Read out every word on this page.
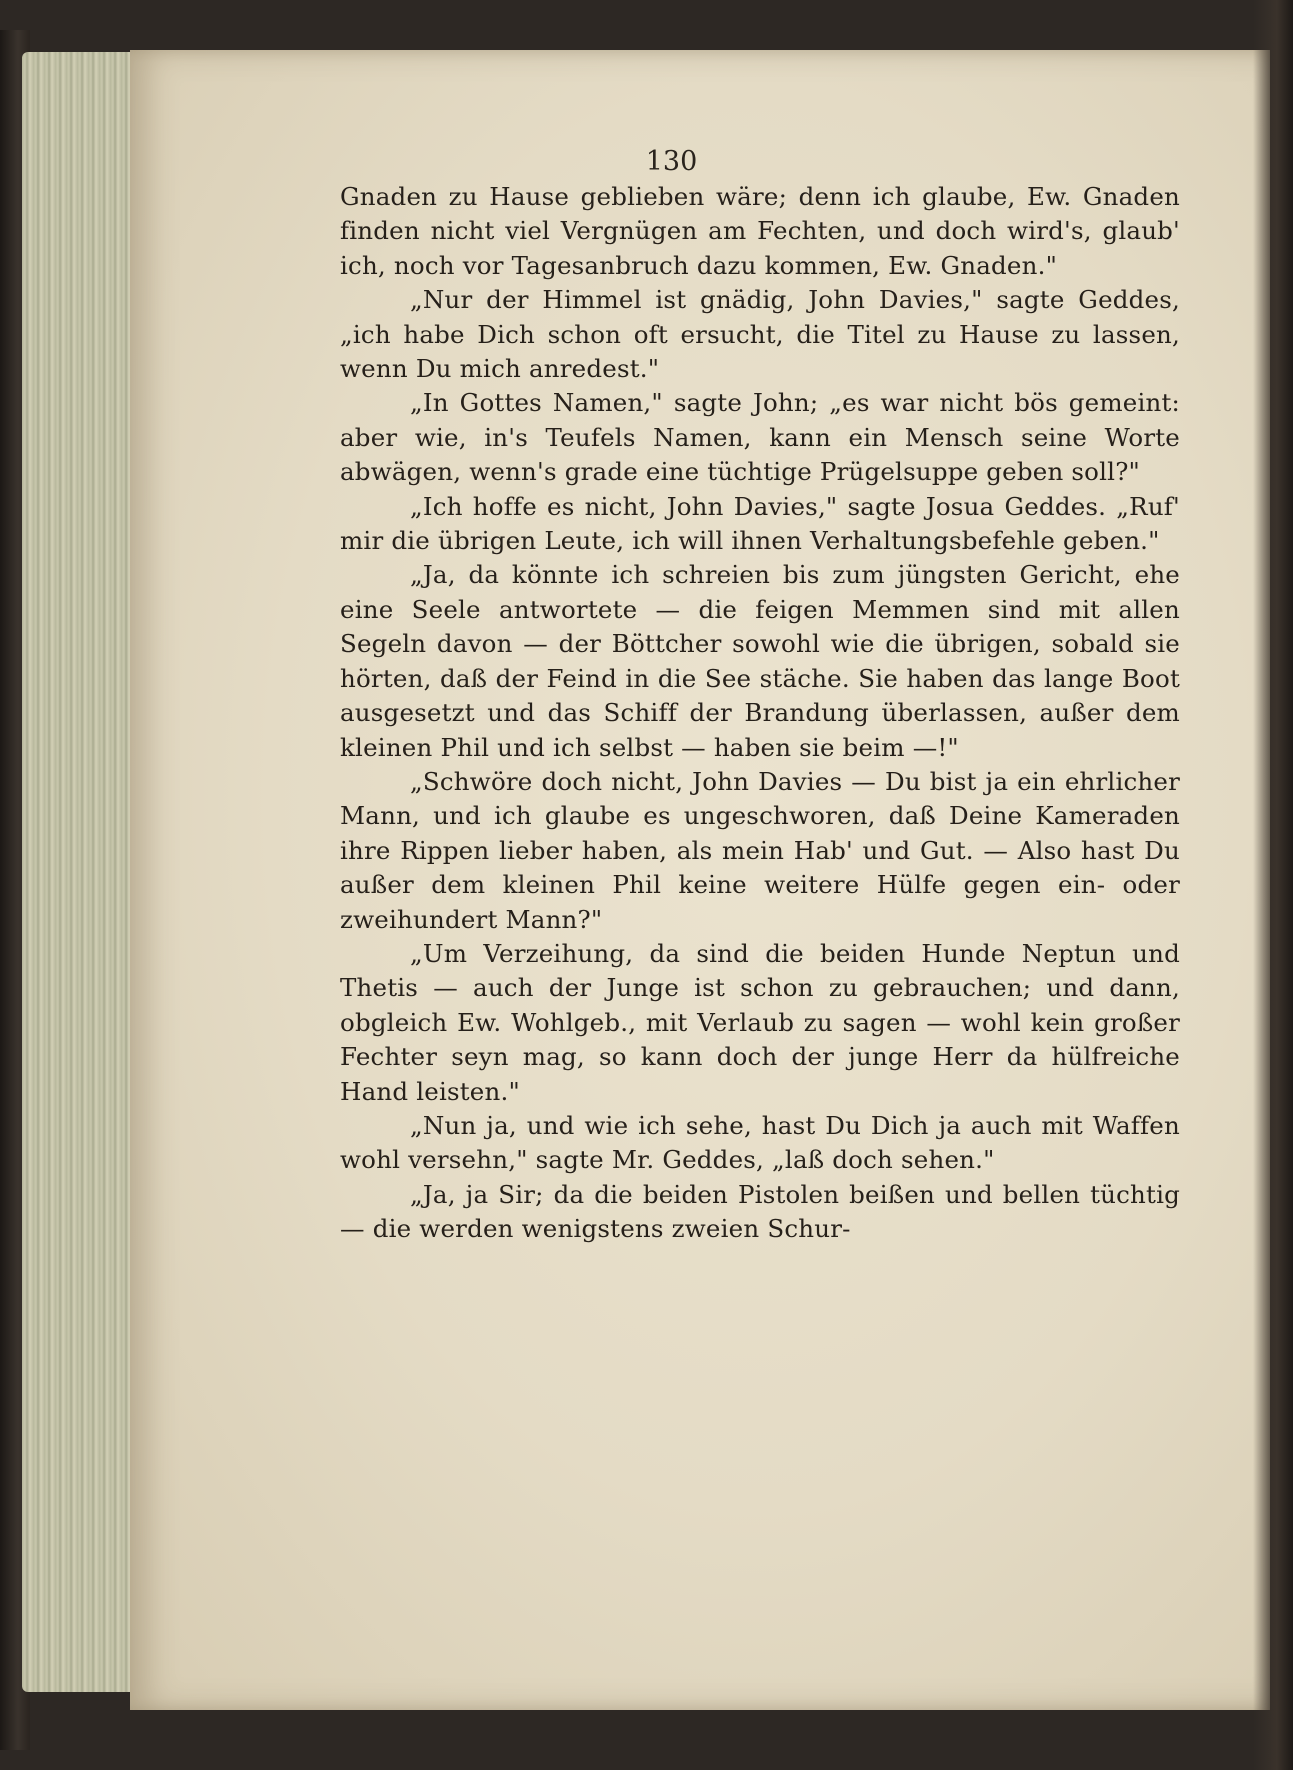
130

Gnaden zu Hause geblieben wäre; denn ich glaube, Ew. Gnaden finden nicht viel Vergnügen am Fechten, und doch wird's, glaub' ich, noch vor Tagesanbruch dazu kommen, Ew. Gnaden."

„Nur der Himmel ist gnädig, John Davies," sagte Geddes, „ich habe Dich schon oft ersucht, die Titel zu Hause zu lassen, wenn Du mich anredest."

„In Gottes Namen," sagte John; „es war nicht bös gemeint: aber wie, in's Teufels Namen, kann ein Mensch seine Worte abwägen, wenn's grade eine tüchtige Prügelsuppe geben soll?"

„Ich hoffe es nicht, John Davies," sagte Josua Geddes. „Ruf' mir die übrigen Leute, ich will ihnen Verhaltungsbefehle geben."

„Ja, da könnte ich schreien bis zum jüngsten Gericht, ehe eine Seele antwortete — die feigen Memmen sind mit allen Segeln davon — der Böttcher sowohl wie die übrigen, sobald sie hörten, daß der Feind in die See stäche. Sie haben das lange Boot ausgesetzt und das Schiff der Brandung überlassen, außer dem kleinen Phil und ich selbst — haben sie beim —!"

„Schwöre doch nicht, John Davies — Du bist ja ein ehrlicher Mann, und ich glaube es ungeschworen, daß Deine Kameraden ihre Rippen lieber haben, als mein Hab' und Gut. — Also hast Du außer dem kleinen Phil keine weitere Hülfe gegen ein- oder zweihundert Mann?"

„Um Verzeihung, da sind die beiden Hunde Neptun und Thetis — auch der Junge ist schon zu gebrauchen; und dann, obgleich Ew. Wohlgeb., mit Verlaub zu sagen — wohl kein großer Fechter seyn mag, so kann doch der junge Herr da hülfreiche Hand leisten."

„Nun ja, und wie ich sehe, hast Du Dich ja auch mit Waffen wohl versehn," sagte Mr. Geddes, „laß doch sehen."

„Ja, ja Sir; da die beiden Pistolen beißen und bellen tüchtig — die werden wenigstens zweien Schur-
